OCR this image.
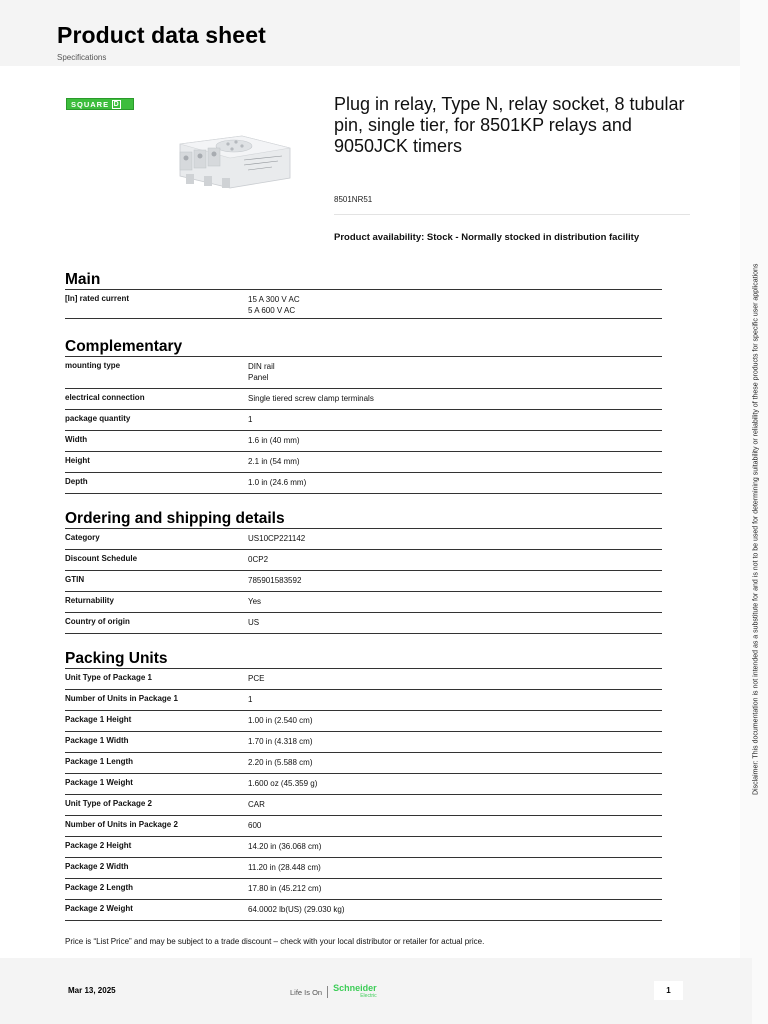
Product data sheet
Specifications
Disclaimer: This documentation is not intended as a substitute for and is not to be used for determining suitability or reliability of these products for specific user applications
SQUARE D	Plug in relay, Type N, relay socket, 8 tubular pin, single tier, for 8501KP relays and 9050JCK timers
8501NR51
Product availability: Stock - Normally stocked in distribution facility
Main
[In] rated current	15 A 300 V AC
5 A 600 V AC
Complementary
mounting type	DIN rail
Panel
electrical connection	Single tiered screw clamp terminals
package quantity	1
Width	1.6 in (40 mm)
Height	2.1 in (54 mm)
Depth	1.0 in (24.6 mm)
Ordering and shipping details
Category	US10CP221142
Discount Schedule	0CP2
GTIN	785901583592
Returnability	Yes
Country of origin	US
Packing Units
Unit Type of Package 1	PCE
Number of Units in Package 1	1
Package 1 Height	1.00 in (2.540 cm)
Package 1 Width	1.70 in (4.318 cm)
Package 1 Length	2.20 in (5.588 cm)
Package 1 Weight	1.600 oz (45.359 g)
Unit Type of Package 2	CAR
Number of Units in Package 2	600
Package 2 Height	14.20 in (36.068 cm)
Package 2 Width	11.20 in (28.448 cm)
Package 2 Length	17.80 in (45.212 cm)
Package 2 Weight	64.0002 lb(US) (29.030 kg)
Price is “List Price” and may be subject to a trade discount – check with your local distributor or retailer for actual price.
Mar 13, 2025	Life Is On Schneider
Electric
1
